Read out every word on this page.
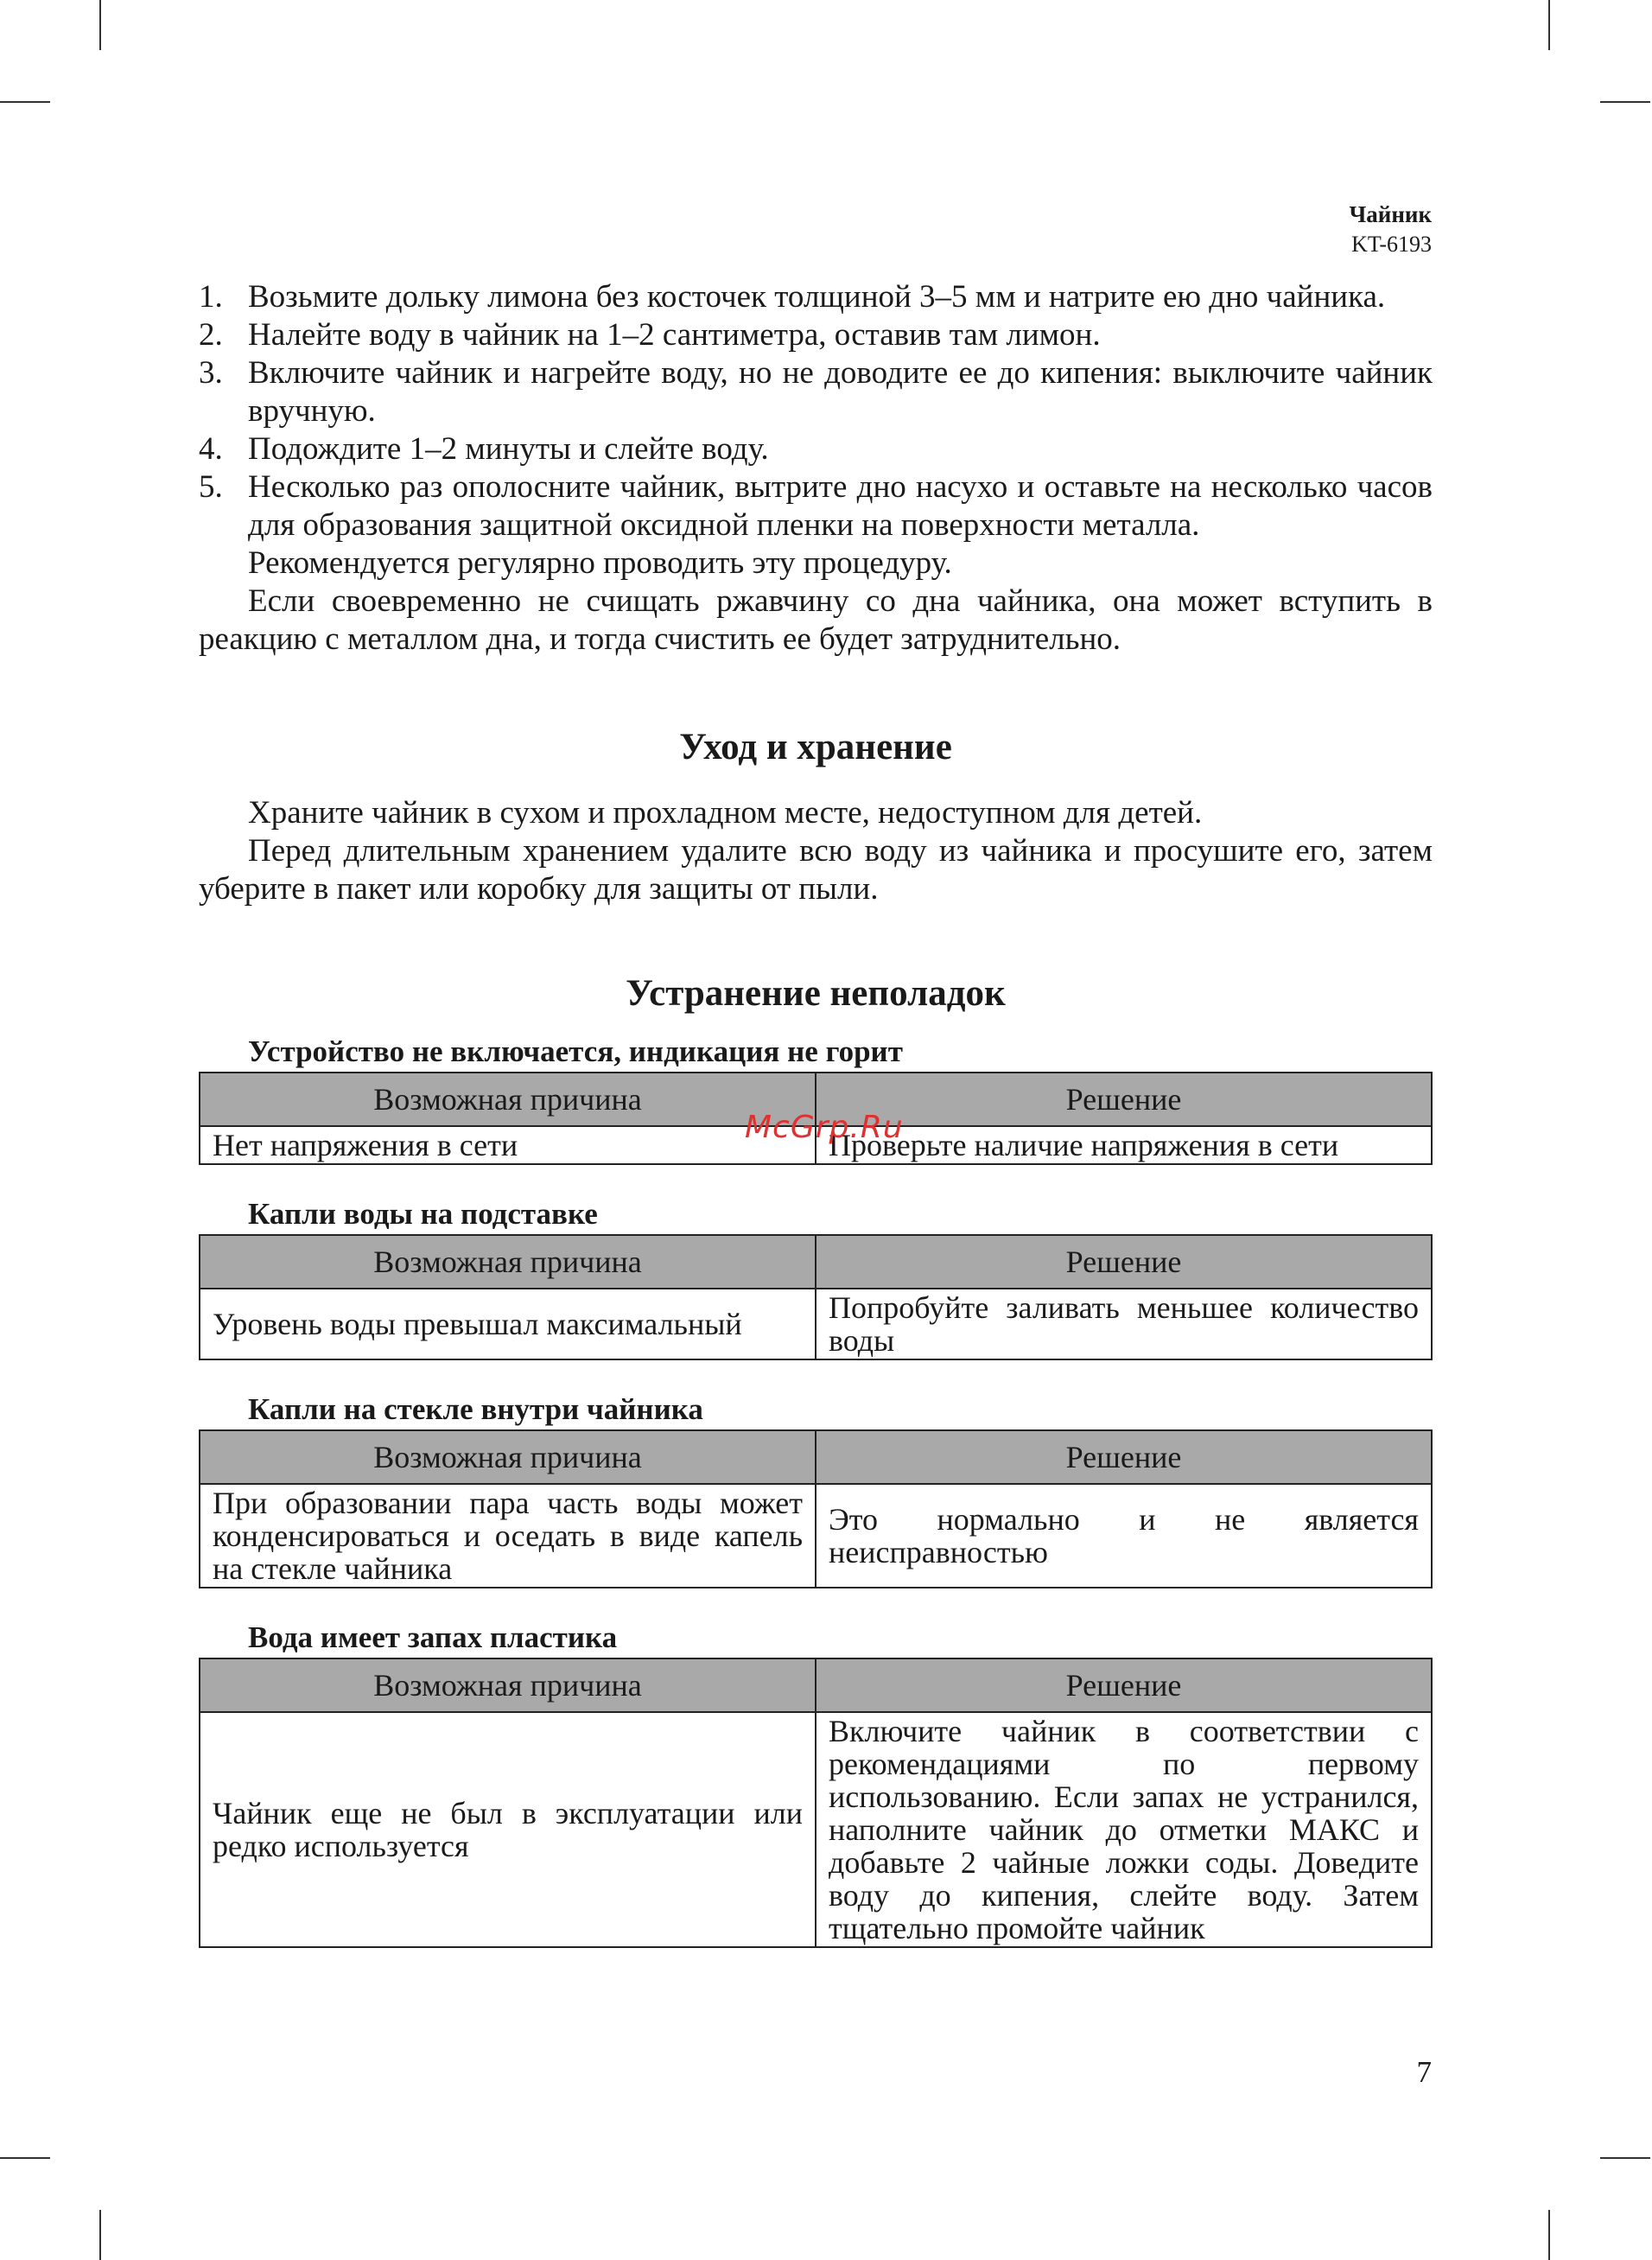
Чайник
KT-6193
1. Возьмите дольку лимона без косточек толщиной 3–5 мм и натрите ею дно чайника.
2. Налейте воду в чайник на 1–2 сантиметра, оставив там лимон.
3. Включите чайник и нагрейте воду, но не доводите ее до кипения: выключите чайник вручную.
4. Подождите 1–2 минуты и слейте воду.
5. Несколько раз ополосните чайник, вытрите дно насухо и оставьте на несколько часов для образования защитной оксидной пленки на поверхности металла.

Рекомендуется регулярно проводить эту процедуру.

Если своевременно не счищать ржавчину со дна чайника, она может вступить в реакцию с металлом дна, и тогда счистить ее будет затруднительно.

Уход и хранение

Храните чайник в сухом и прохладном месте, недоступном для детей.

Перед длительным хранением удалите всю воду из чайника и просушите его, затем уберите в пакет или коробку для защиты от пыли.

Устранение неполадок
Устройство не включается, индикация не горит
Возможная причина	Решение
Нет напряжения в сети	Проверьте наличие напряжения в сети
Капли воды на подставке
Возможная причина	Решение
Уровень воды превышал максимальный	Попробуйте заливать меньшее количество воды
Капли на стекле внутри чайника
Возможная причина	Решение
При образовании пара часть воды может конденсироваться и оседать в виде капель на стекле чайника	Это нормально и не является неисправностью
Вода имеет запах пластика
Возможная причина	Решение
Чайник еще не был в эксплуатации или редко используется	Включите чайник в соответствии с рекомендациями по первому использованию. Если запах не устранился, наполните чайник до отметки МАКС и добавьте 2 чайные ложки соды. Доведите воду до кипения, слейте воду. Затем тщательно промойте чайник
McGrp.Ru
7
